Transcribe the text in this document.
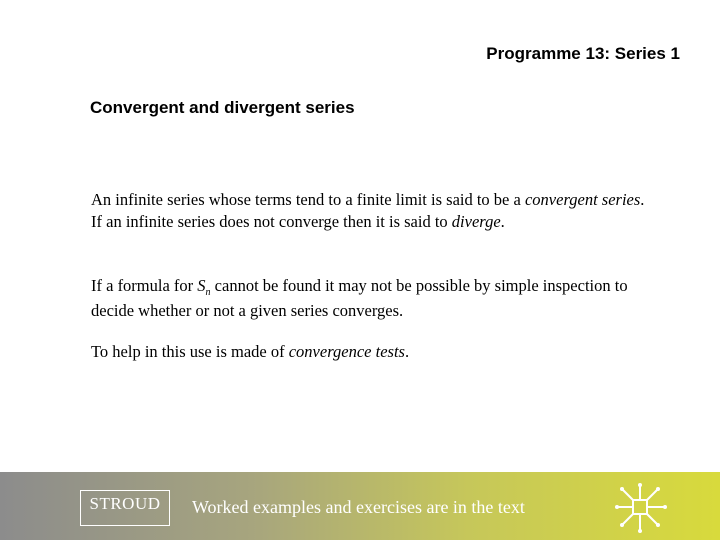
Programme 13: Series 1
Convergent and divergent series
An infinite series whose terms tend to a finite limit is said to be a convergent series. If an infinite series does not converge then it is said to diverge.
If a formula for $S_n$ cannot be found it may not be possible by simple inspection to decide whether or not a given series converges.
To help in this use is made of convergence tests.
STROUD	Worked examples and exercises are in the text
